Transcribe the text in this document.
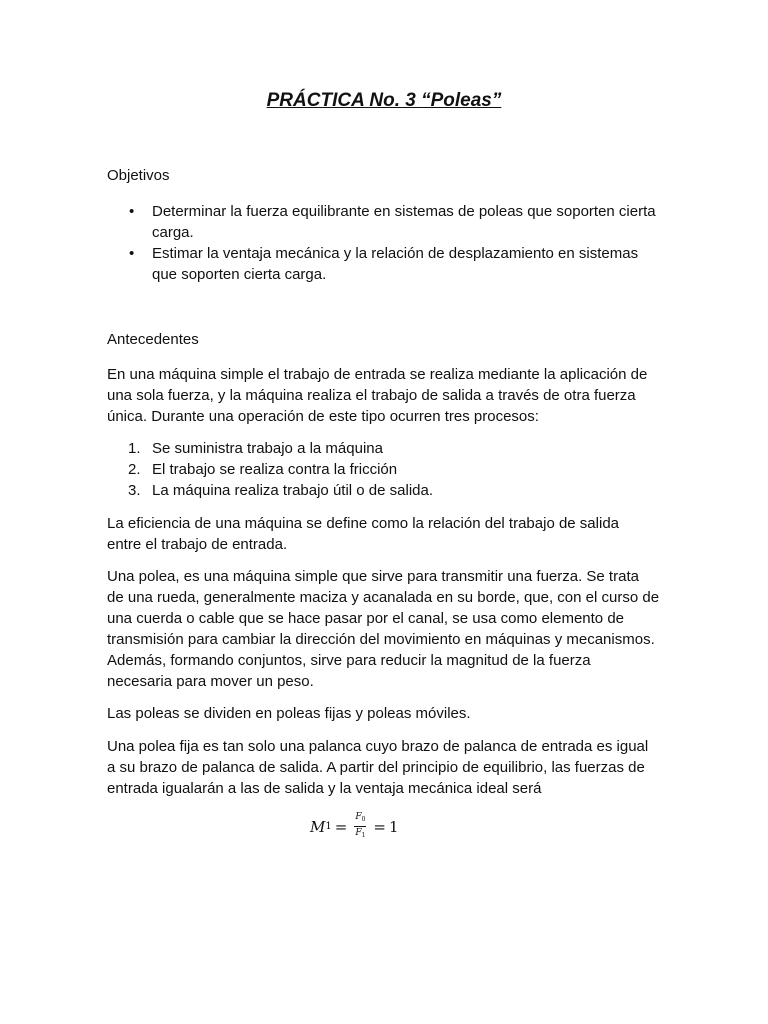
PRÁCTICA No. 3 “Poleas”
Objetivos
• Determinar la fuerza equilibrante en sistemas de poleas que soporten cierta
carga.
• Estimar la ventaja mecánica y la relación de desplazamiento en sistemas
que soporten cierta carga.
Antecedentes
En una máquina simple el trabajo de entrada se realiza mediante la aplicación de
una sola fuerza, y la máquina realiza el trabajo de salida a través de otra fuerza
única. Durante una operación de este tipo ocurren tres procesos:
1. Se suministra trabajo a la máquina
2. El trabajo se realiza contra la fricción
3. La máquina realiza trabajo útil o de salida.
La eficiencia de una máquina se define como la relación del trabajo de salida
entre el trabajo de entrada.
Una polea, es una máquina simple que sirve para transmitir una fuerza. Se trata
de una rueda, generalmente maciza y acanalada en su borde, que, con el curso de
una cuerda o cable que se hace pasar por el canal, se usa como elemento de
transmisión para cambiar la dirección del movimiento en máquinas y mecanismos.
Además, formando conjuntos, sirve para reducir la magnitud de la fuerza
necesaria para mover un peso.
Las poleas se dividen en poleas fijas y poleas móviles.
Una polea fija es tan solo una palanca cuyo brazo de palanca de entrada es igual
a su brazo de palanca de salida. A partir del principio de equilibrio, las fuerzas de
entrada igualarán a las de salida y la ventaja mecánica ideal será
M $1 = \frac{F_0}{F_1} = 1$
